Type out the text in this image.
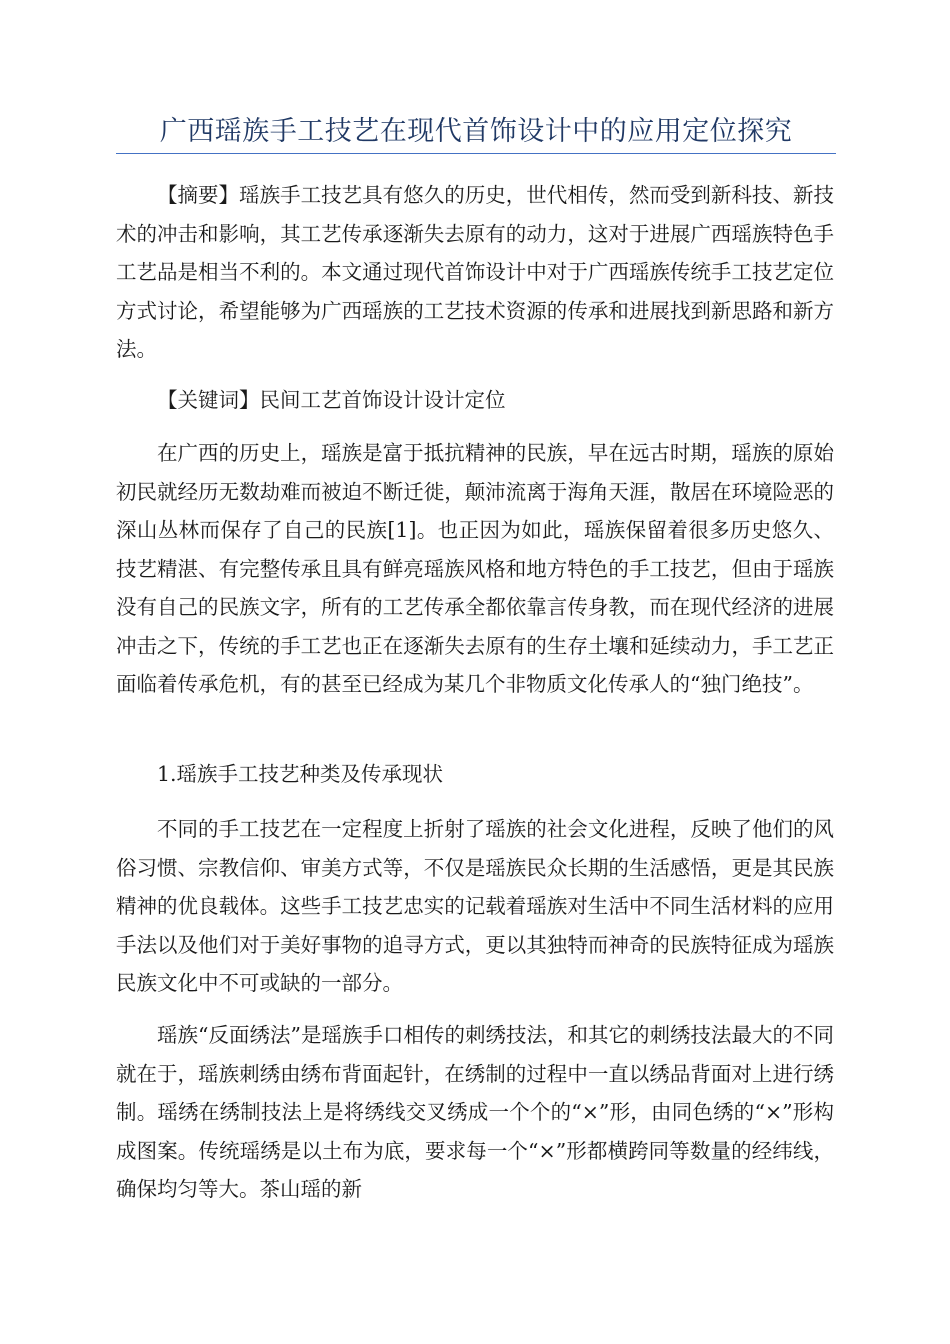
广西瑶族手工技艺在现代首饰设计中的应用定位探究

【摘要】瑶族手工技艺具有悠久的历史，世代相传，然而受到新科技、新技术的冲击和影响，其工艺传承逐渐失去原有的动力，这对于进展广西瑶族特色手工艺品是相当不利的。本文通过现代首饰设计中对于广西瑶族传统手工技艺定位方式讨论，希望能够为广西瑶族的工艺技术资源的传承和进展找到新思路和新方法。

【关键词】民间工艺首饰设计设计定位

在广西的历史上，瑶族是富于抵抗精神的民族，早在远古时期，瑶族的原始初民就经历无数劫难而被迫不断迁徙，颠沛流离于海角天涯，散居在环境险恶的深山丛林而保存了自己的民族[1]。也正因为如此，瑶族保留着很多历史悠久、技艺精湛、有完整传承且具有鲜亮瑶族风格和地方特色的手工技艺，但由于瑶族没有自己的民族文字，所有的工艺传承全都依靠言传身教，而在现代经济的进展冲击之下，传统的手工艺也正在逐渐失去原有的生存土壤和延续动力，手工艺正面临着传承危机，有的甚至已经成为某几个非物质文化传承人的“独门绝技”。

1.瑶族手工技艺种类及传承现状

不同的手工技艺在一定程度上折射了瑶族的社会文化进程，反映了他们的风俗习惯、宗教信仰、审美方式等，不仅是瑶族民众长期的生活感悟，更是其民族精神的优良载体。这些手工技艺忠实的记载着瑶族对生活中不同生活材料的应用手法以及他们对于美好事物的追寻方式，更以其独特而神奇的民族特征成为瑶族民族文化中不可或缺的一部分。

瑶族“反面绣法”是瑶族手口相传的刺绣技法，和其它的刺绣技法最大的不同就在于，瑶族刺绣由绣布背面起针，在绣制的过程中一直以绣品背面对上进行绣制。瑶绣在绣制技法上是将绣线交叉绣成一个个的“×”形，由同色绣的“×”形构成图案。传统瑶绣是以土布为底，要求每一个“×”形都横跨同等数量的经纬线，确保均匀等大。茶山瑶的新
